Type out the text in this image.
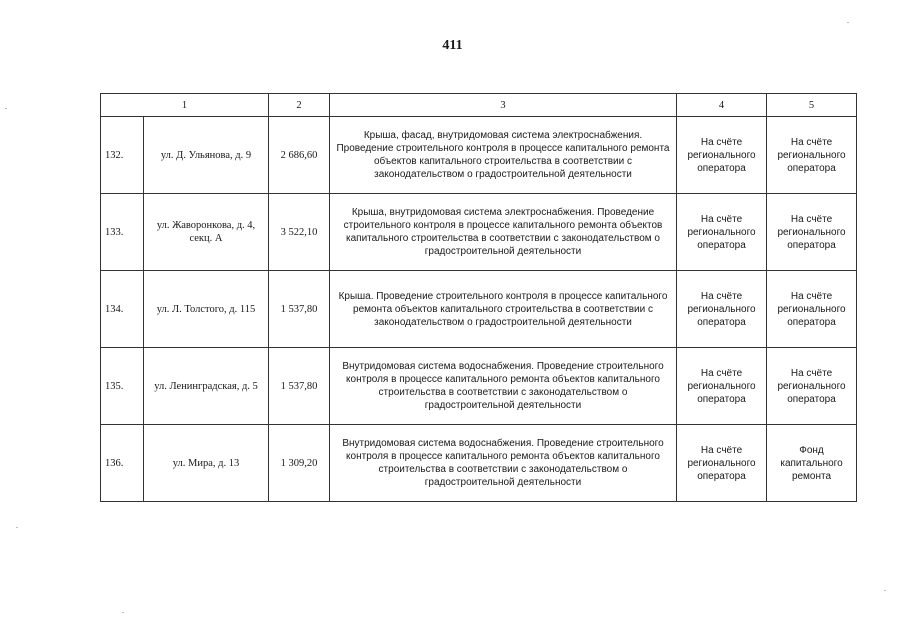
411
1		2	3	4	5
132.	ул. Д. Ульянова, д. 9	2 686,60	Крыша, фасад, внутридомовая система электроснабжения. Проведение строительного контроля в процессе капитального ремонта объектов капитального строительства в соответствии с законодательством о градостроительной деятельности	На счёте регионального оператора	На счёте регионального оператора
133.	ул. Жаворонкова, д. 4, секц. А	3 522,10	Крыша, внутридомовая система электроснабжения. Проведение строительного контроля в процессе капитального ремонта объектов капитального строительства в соответствии с законодательством о градостроительной деятельности	На счёте регионального оператора	На счёте регионального оператора
134.	ул. Л. Толстого, д. 115	1 537,80	Крыша. Проведение строительного контроля в процессе капитального ремонта объектов капитального строительства в соответствии с законодательством о градостроительной деятельности	На счёте регионального оператора	На счёте регионального оператора
135.	ул. Ленинградская, д. 5	1 537,80	Внутридомовая система водоснабжения. Проведение строительного контроля в процессе капитального ремонта объектов капитального строительства в соответствии с законодательством о градостроительной деятельности	На счёте регионального оператора	На счёте регионального оператора
136.	ул. Мира, д. 13	1 309,20	Внутридомовая система водоснабжения. Проведение строительного контроля в процессе капитального ремонта объектов капитального строительства в соответствии с законодательством о градостроительной деятельности	На счёте регионального оператора	Фонд капитального ремонта
